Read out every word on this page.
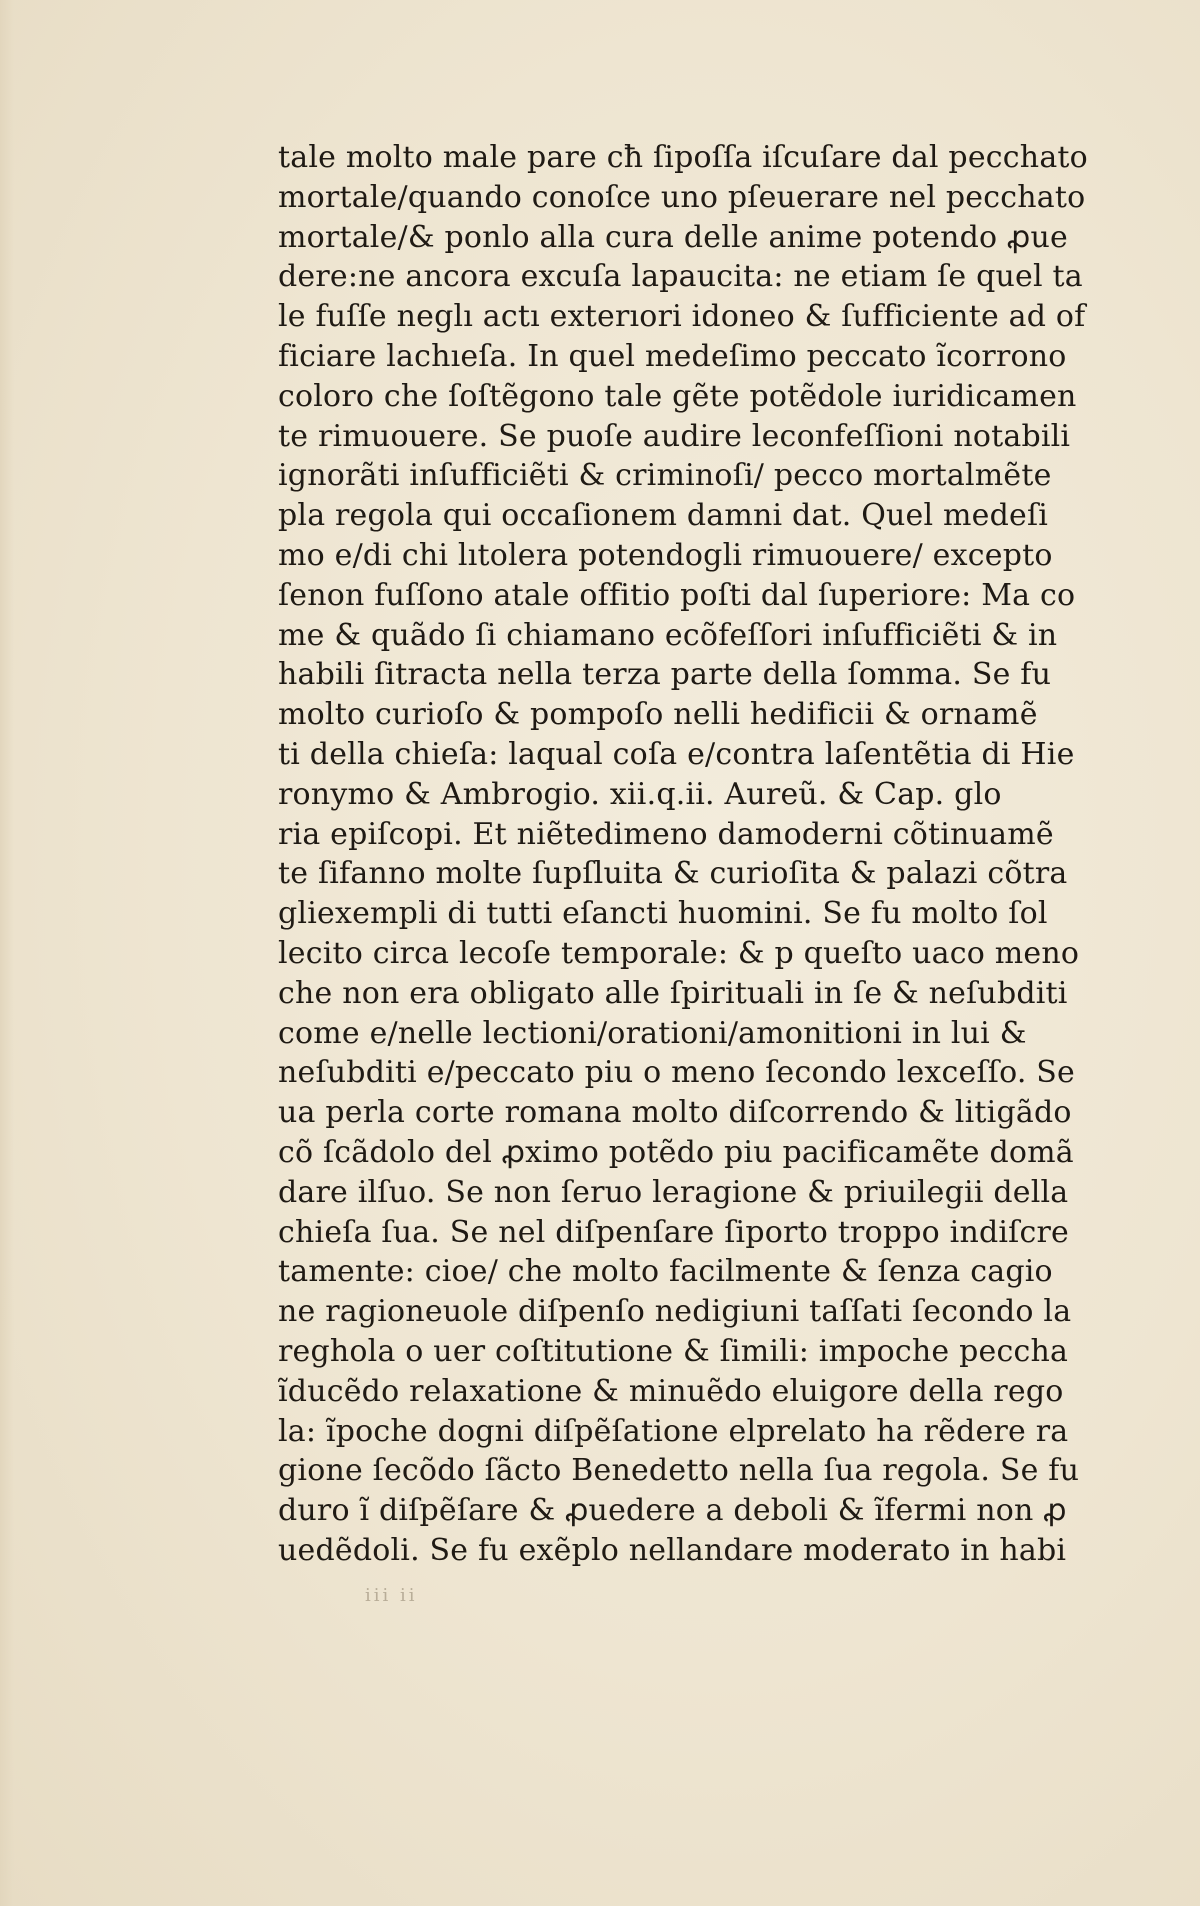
tale molto male pare cħ ſipoſſa iſcuſare dal pecchato
mortale/quando conoſce uno pſeuerare nel pecchato
mortale/& ponlo alla cura delle anime potendo ꝓue
dere:ne ancora excuſa lapaucita: ne etiam ſe quel ta
le fuſſe neglı actı exterıori idoneo & ſufficiente ad of
ficiare lachıeſa. In quel medeſimo peccato ĩcorrono
coloro che ſoſtẽgono tale gẽte potẽdole iuridicamen
te rimuouere. Se puoſe audire leconfeſſioni notabili
ignorãti inſufficiẽti & criminoſi/ pecco mortalmẽte
pla regola qui occaſionem damni dat. Quel medeſi
mo e/di chi lıtolera potendogli rimuouere/ excepto
ſenon fuſſono atale offitio poſti dal ſuperiore: Ma co
me & quãdo ſi chiamano ecõfeſſori inſufficiẽti & in
habili ſitracta nella terza parte della ſomma. Se fu
molto curioſo & pompoſo nelli hedificii & ornamẽ
ti della chieſa: laqual coſa e/contra laſentẽtia di Hie
ronymo & Ambrogio. xii.q.ii. Aureũ. & Cap. glo
ria epiſcopi. Et niẽtedimeno damoderni cõtinuamẽ
te ſifanno molte ſupſluita & curioſita & palazi cõtra
gliexempli di tutti eſancti huomini. Se fu molto ſol
lecito circa lecoſe temporale: & p queſto uaco meno
che non era obligato alle ſpirituali in ſe & neſubditi
come e/nelle lectioni/orationi/amonitioni in lui &
neſubditi e/peccato piu o meno ſecondo lexceſſo. Se
ua perla corte romana molto diſcorrendo & litigãdo
cõ ſcãdolo del ꝓximo potẽdo piu pacificamẽte domã
dare ilſuo. Se non ſeruo leragione & priuilegii della
chieſa ſua. Se nel diſpenſare ſiporto troppo indiſcre
tamente: cioe/ che molto facilmente & ſenza cagio
ne ragioneuole diſpenſo nedigiuni taſſati ſecondo la
reghola o uer coſtitutione & ſimili: impoche peccha
ĩducẽdo relaxatione & minuẽdo eluigore della rego
la: ĩpoche dogni diſpẽſatione elprelato ha rẽdere ra
gione ſecõdo ſãcto Benedetto nella ſua regola. Se fu
duro ĩ diſpẽſare & ꝓuedere a deboli & ĩfermi non ꝓ
uedẽdoli. Se fu exẽplo nellandare moderato in habi
iii ii
